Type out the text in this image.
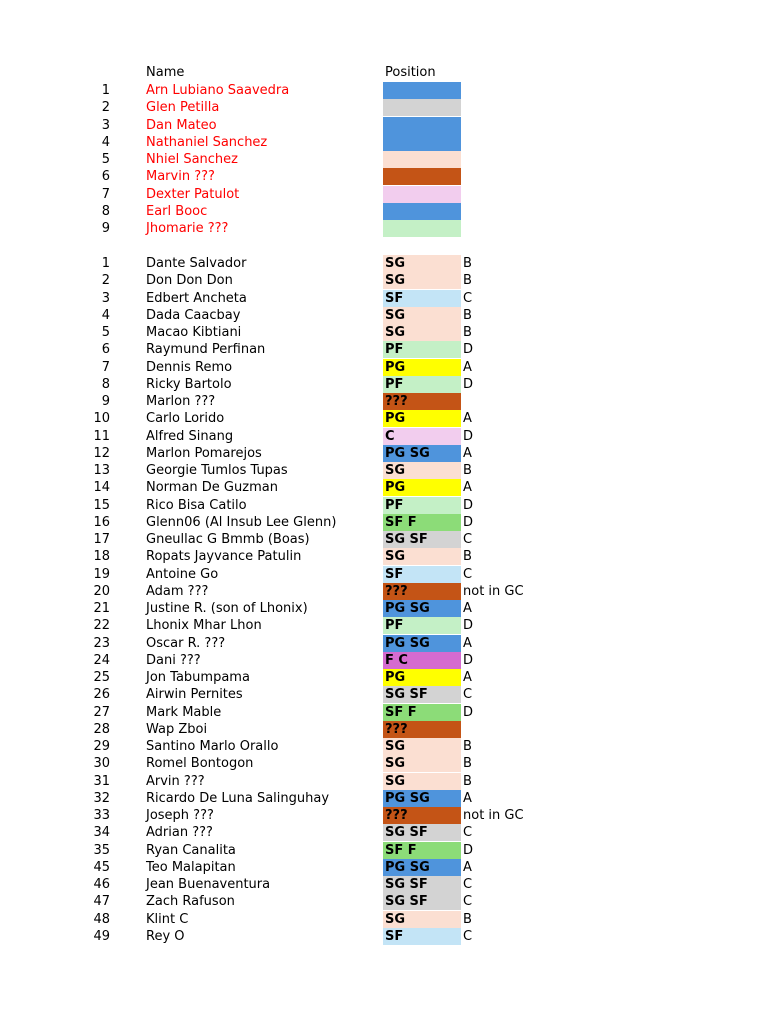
Name	Position
1	Arn Lubiano Saavedra
2	Glen Petilla
3	Dan Mateo
4	Nathaniel Sanchez
5	Nhiel Sanchez
6	Marvin ???
7	Dexter Patulot
8	Earl Booc
9	Jhomarie ???
1	Dante Salvador	SG	B
2	Don Don Don	SG	B
3	Edbert Ancheta	SF	C
4	Dada Caacbay	SG	B
5	Macao Kibtiani	SG	B
6	Raymund Perfinan	PF	D
7	Dennis Remo	PG	A
8	Ricky Bartolo	PF	D
9	Marlon ???	???
10	Carlo Lorido	PG	A
11	Alfred Sinang	C	D
12	Marlon Pomarejos	PG SG	A
13	Georgie Tumlos Tupas	SG	B
14	Norman De Guzman	PG	A
15	Rico Bisa Catilo	PF	D
16	Glenn06 (Al Insub Lee Glenn)	SF F	D
17	Gneullac G Bmmb (Boas)	SG SF	C
18	Ropats Jayvance Patulin	SG	B
19	Antoine Go	SF	C
20	Adam ???	???	not in GC
21	Justine R. (son of Lhonix)	PG SG	A
22	Lhonix Mhar Lhon	PF	D
23	Oscar R. ???	PG SG	A
24	Dani ???	F C	D
25	Jon Tabumpama	PG	A
26	Airwin Pernites	SG SF	C
27	Mark Mable	SF F	D
28	Wap Zboi	???
29	Santino Marlo Orallo	SG	B
30	Romel Bontogon	SG	B
31	Arvin ???	SG	B
32	Ricardo De Luna Salinguhay	PG SG	A
33	Joseph ???	???	not in GC
34	Adrian ???	SG SF	C
35	Ryan Canalita	SF F	D
45	Teo Malapitan	PG SG	A
46	Jean Buenaventura	SG SF	C
47	Zach Rafuson	SG SF	C
48	Klint C	SG	B
49	Rey O	SF	C
